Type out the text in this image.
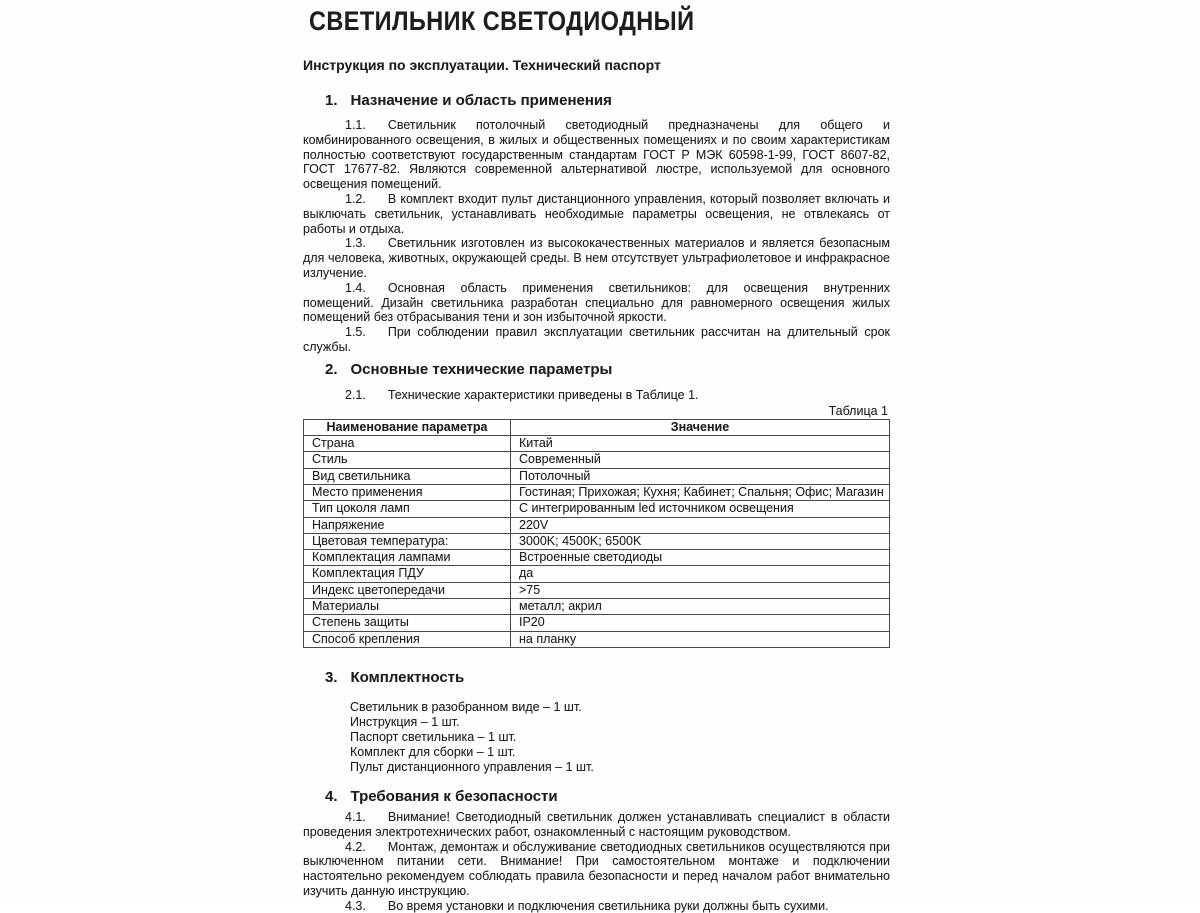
СВЕТИЛЬНИК СВЕТОДИОДНЫЙ
Инструкция по эксплуатации. Технический паспорт
1. Назначение и область применения

1.1. Светильник потолочный светодиодный предназначены для общего и комбинированного освещения, в жилых и общественных помещениях и по своим характеристикам полностью соответствуют государственным стандартам ГОСТ Р МЭК 60598-1-99, ГОСТ 8607-82, ГОСТ 17677-82. Являются современной альтернативой люстре, используемой для основного освещения помещений.

1.2. В комплект входит пульт дистанционного управления, который позволяет включать и выключать светильник, устанавливать необходимые параметры освещения, не отвлекаясь от работы и отдыха.

1.3. Светильник изготовлен из высококачественных материалов и является безопасным для человека, животных, окружающей среды. В нем отсутствует ультрафиолетовое и инфракрасное излучение.

1.4. Основная область применения светильников: для освещения внутренних помещений. Дизайн светильника разработан специально для равномерного освещения жилых помещений без отбрасывания тени и зон избыточной яркости.

1.5. При соблюдении правил эксплуатации светильник рассчитан на длительный срок службы.

2. Основные технические параметры

2.1. Технические характеристики приведены в Таблице 1.

Таблица 1
Наименование параметра	Значение
Страна	Китай
Стиль	Современный
Вид светильника	Потолочный
Место применения	Гостиная; Прихожая; Кухня; Кабинет; Спальня; Офис; Магазин
Тип цоколя ламп	С интегрированным led источником освещения
Напряжение	220V
Цветовая температура:	3000K; 4500K; 6500K
Комплектация лампами	Встроенные светодиоды
Комплектация ПДУ	да
Индекс цветопередачи	>75
Материалы	металл; акрил
Степень защиты	IP20
Способ крепления	на планку
3. Комплектность
Светильник в разобранном виде – 1 шт.
Инструкция – 1 шт.
Паспорт светильника – 1 шт.
Комплект для сборки – 1 шт.
Пульт дистанционного управления – 1 шт.
4. Требования к безопасности

4.1. Внимание! Светодиодный светильник должен устанавливать специалист в области проведения электротехнических работ, ознакомленный с настоящим руководством.

4.2. Монтаж, демонтаж и обслуживание светодиодных светильников осуществляются при выключенном питании сети. Внимание! При самостоятельном монтаже и подключении настоятельно рекомендуем соблюдать правила безопасности и перед началом работ внимательно изучить данную инструкцию.

4.3. Во время установки и подключения светильника руки должны быть сухими.
